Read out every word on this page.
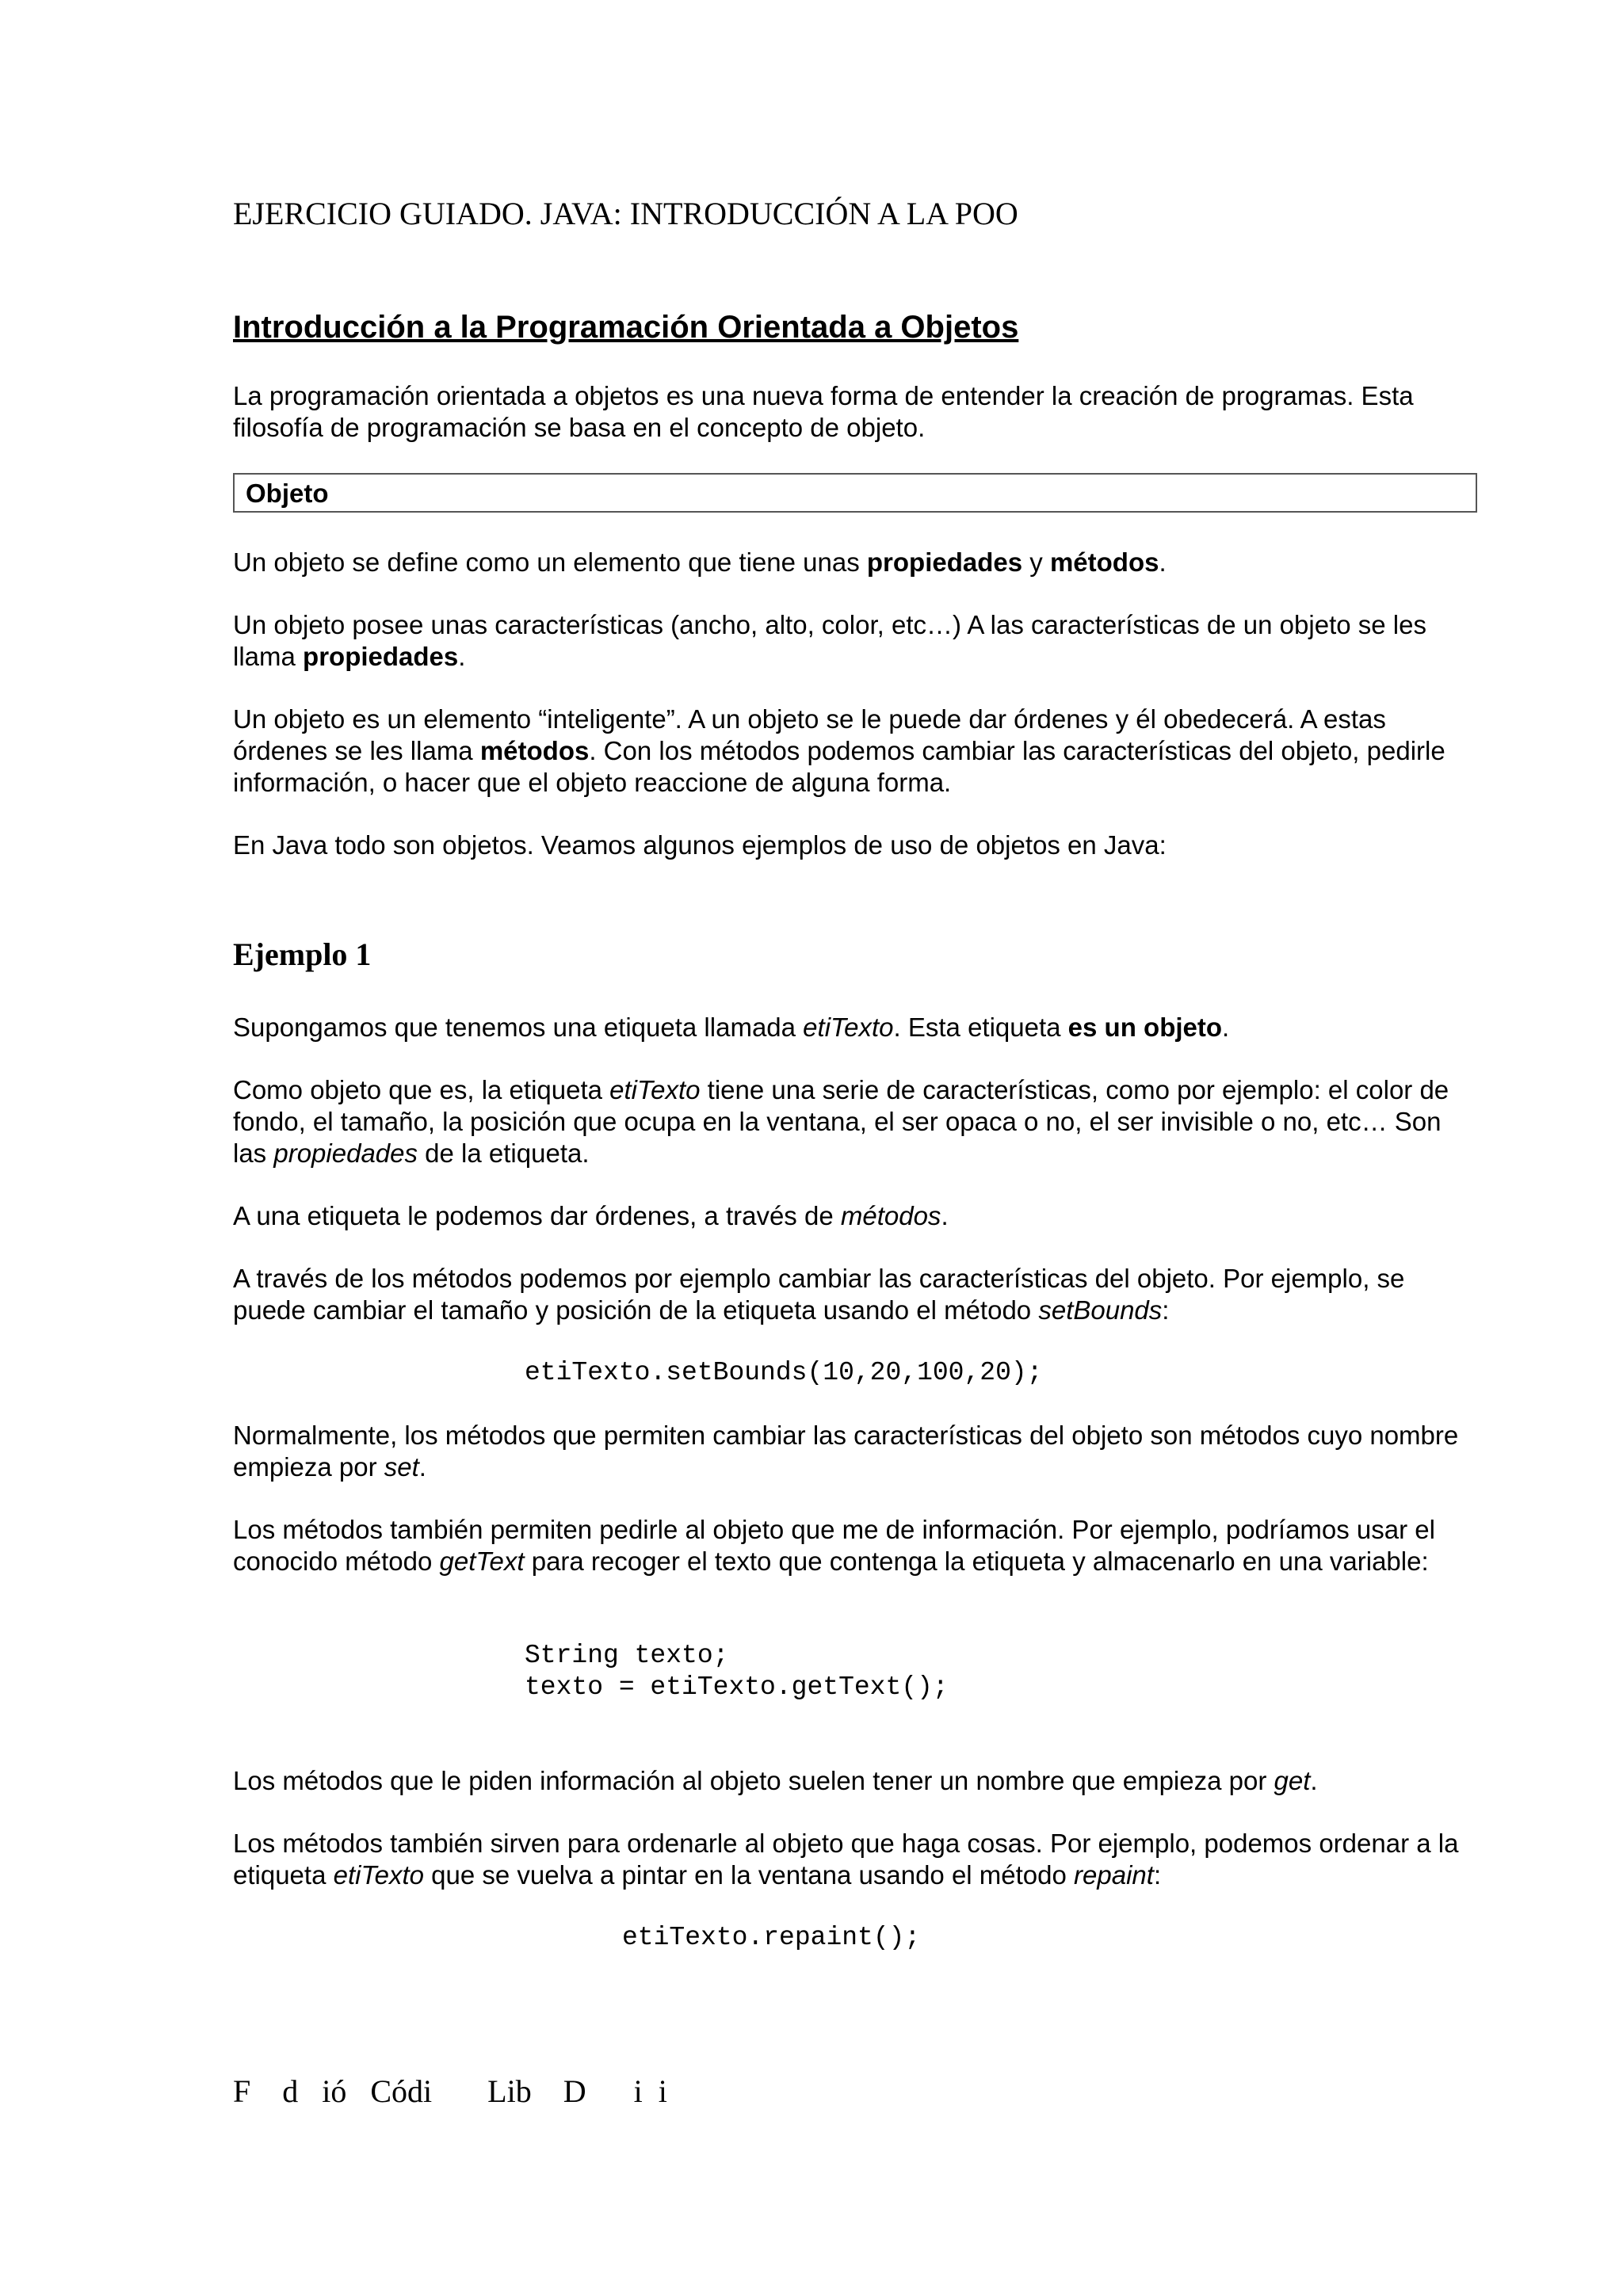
EJERCICIO GUIADO. JAVA: INTRODUCCIÓN A LA POO

Introducción a la Programación Orientada a Objetos

La programación orientada a objetos es una nueva forma de entender la creación de programas. Esta filosofía de programación se basa en el concepto de objeto.

Objeto

Un objeto se define como un elemento que tiene unas propiedades y métodos.

Un objeto posee unas características (ancho, alto, color, etc…) A las características de un objeto se les llama propiedades.

Un objeto es un elemento “inteligente”. A un objeto se le puede dar órdenes y él obedecerá. A estas órdenes se les llama métodos. Con los métodos podemos cambiar las características del objeto, pedirle información, o hacer que el objeto reaccione de alguna forma.

En Java todo son objetos. Veamos algunos ejemplos de uso de objetos en Java:

Ejemplo 1

Supongamos que tenemos una etiqueta llamada etiTexto. Esta etiqueta es un objeto.

Como objeto que es, la etiqueta etiTexto tiene una serie de características, como por ejemplo: el color de fondo, el tamaño, la posición que ocupa en la ventana, el ser opaca o no, el ser invisible o no, etc… Son las propiedades de la etiqueta.

A una etiqueta le podemos dar órdenes, a través de métodos.

A través de los métodos podemos por ejemplo cambiar las características del objeto. Por ejemplo, se puede cambiar el tamaño y posición de la etiqueta usando el método setBounds:

etiTexto.setBounds(10,20,100,20);

Normalmente, los métodos que permiten cambiar las características del objeto son métodos cuyo nombre empieza por set.

Los métodos también permiten pedirle al objeto que me de información. Por ejemplo, podríamos usar el conocido método getText para recoger el texto que contenga la etiqueta y almacenarlo en una variable:

String texto;
texto = etiTexto.getText();

Los métodos que le piden información al objeto suelen tener un nombre que empieza por get.

Los métodos también sirven para ordenarle al objeto que haga cosas. Por ejemplo, podemos ordenar a la etiqueta etiTexto que se vuelva a pintar en la ventana usando el método repaint:

etiTexto.repaint();

F    d   ió   Códi       Lib    D      i  i
